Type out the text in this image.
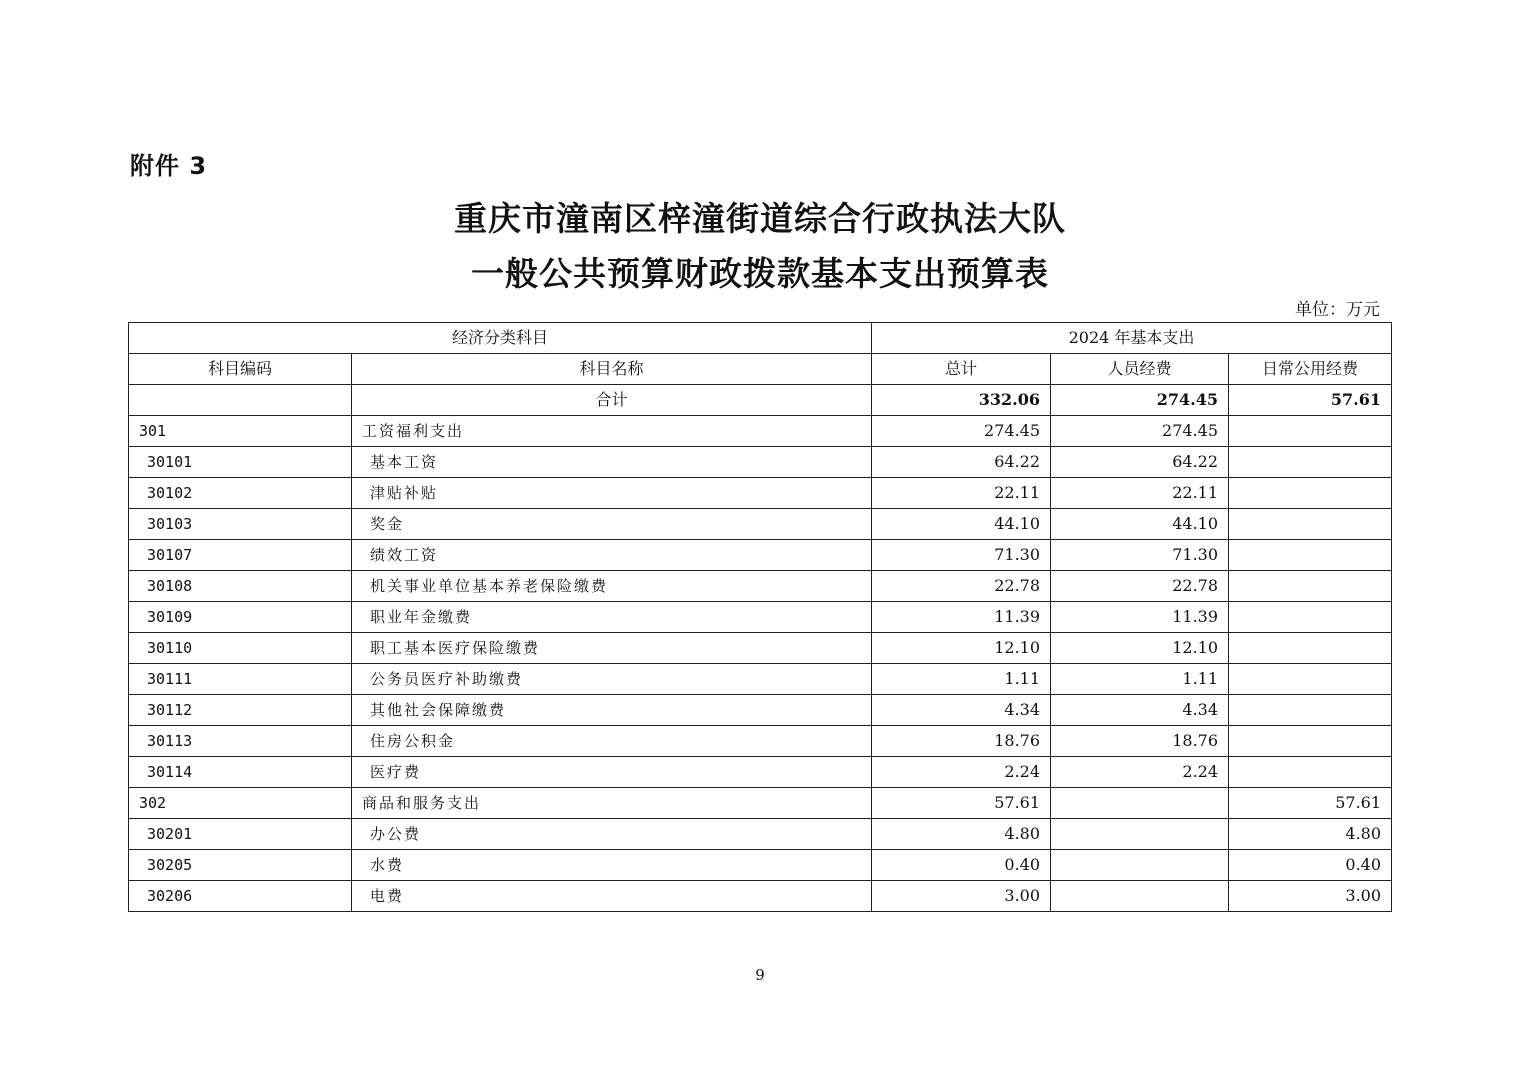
附件 3
重庆市潼南区梓潼街道综合行政执法大队
一般公共预算财政拨款基本支出预算表
单位：万元
经济分类科目		2024 年基本支出		
科目编码	科目名称	总计	人员经费	日常公用经费
	合计	332.06	274.45	57.61
301	工资福利支出	274.45	274.45	
30101	基本工资	64.22	64.22	
30102	津贴补贴	22.11	22.11	
30103	奖金	44.10	44.10	
30107	绩效工资	71.30	71.30	
30108	机关事业单位基本养老保险缴费	22.78	22.78	
30109	职业年金缴费	11.39	11.39	
30110	职工基本医疗保险缴费	12.10	12.10	
30111	公务员医疗补助缴费	1.11	1.11	
30112	其他社会保障缴费	4.34	4.34	
30113	住房公积金	18.76	18.76	
30114	医疗费	2.24	2.24	
302	商品和服务支出	57.61		57.61
30201	办公费	4.80		4.80
30205	水费	0.40		0.40
30206	电费	3.00		3.00
9
